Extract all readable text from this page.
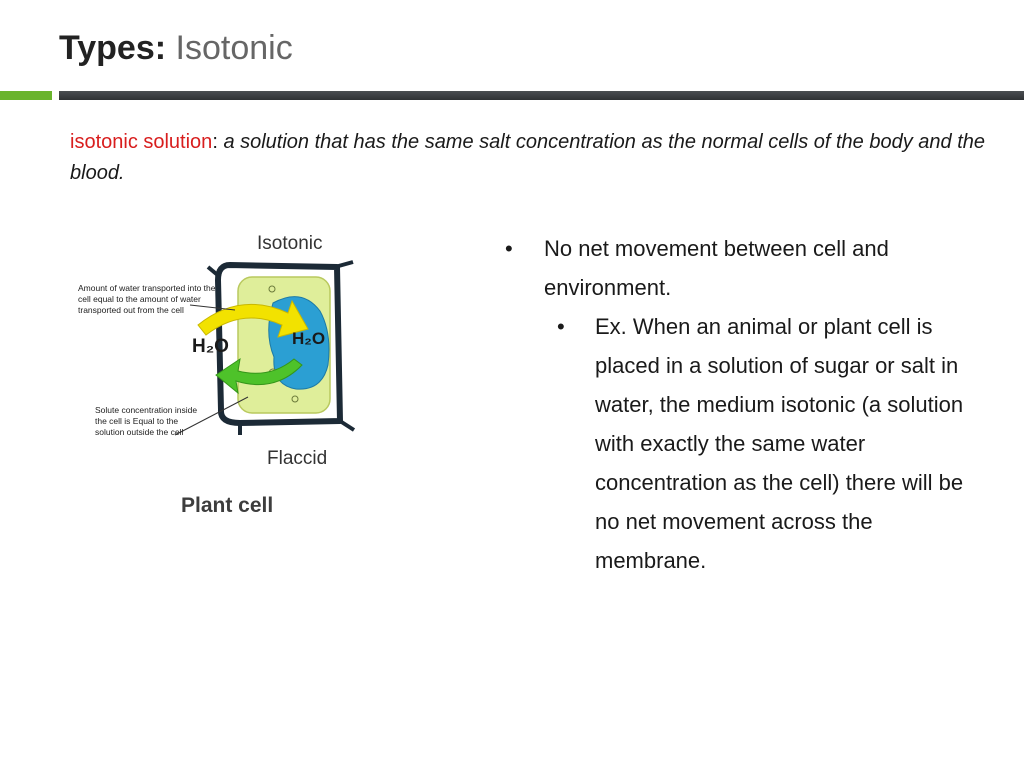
Types: Isotonic
isotonic solution: a solution that has the same salt concentration as the normal cells of the body and the blood.
Isotonic
Amount of water transported into the cell equal to the amount of water transported out from the cell
Solute concentration inside the cell is Equal to the solution outside the cell
H₂O	H₂O
Flaccid
Plant cell
• No net movement between cell and environment.
• Ex. When an animal or plant cell is placed in a solution of sugar or salt in water, the medium isotonic (a solution with exactly the same water concentration as the cell) there will be no net movement across the membrane.
